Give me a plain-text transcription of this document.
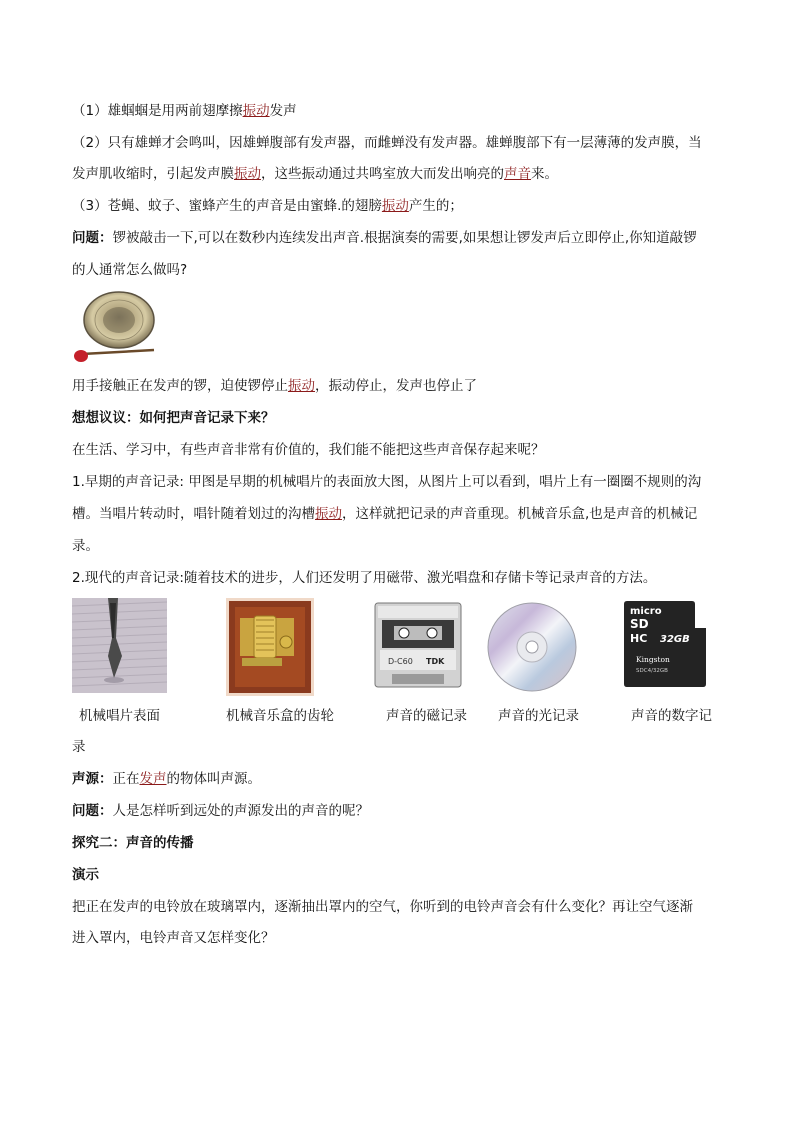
（1）雄蝈蝈是用两前翅摩擦振动发声
（2）只有雄蝉才会鸣叫，因雄蝉腹部有发声器，而雌蝉没有发声器。雄蝉腹部下有一层薄薄的发声膜，当
发声肌收缩时，引起发声膜振动，这些振动通过共鸣室放大而发出响亮的声音来。
（3）苍蝇、蚊子、蜜蜂产生的声音是由蜜蜂.的翅膀振动产生的；
问题：锣被敲击一下,可以在数秒内连续发出声音.根据演奏的需要,如果想让锣发声后立即停止,你知道敲锣
的人通常怎么做吗?
用手接触正在发声的锣，迫使锣停止振动，振动停止，发声也停止了
想想议议：如何把声音记录下来？
在生活、学习中，有些声音非常有价值的，我们能不能把这些声音保存起来呢？
1.早期的声音记录: 甲图是早期的机械唱片的表面放大图，从图片上可以看到，唱片上有一圈圈不规则的沟
槽。当唱片转动时，唱针随着划过的沟槽振动，这样就把记录的声音重现。机械音乐盒,也是声音的机械记
录。
2.现代的声音记录:随着技术的进步，人们还发明了用磁带、激光唱盘和存储卡等记录声音的方法。
D-C60 TDK
micro
SD
HC 32GB
Kingston
SDC4/32GB
机械唱片表面	机械音乐盒的齿轮	声音的磁记录 声音的光记录	声音的数字记
录
声源：正在发声的物体叫声源。
问题：人是怎样听到远处的声源发出的声音的呢？
探究二：声音的传播
演示
把正在发声的电铃放在玻璃罩内，逐渐抽出罩内的空气，你听到的电铃声音会有什么变化？再让空气逐渐
进入罩内，电铃声音又怎样变化？
